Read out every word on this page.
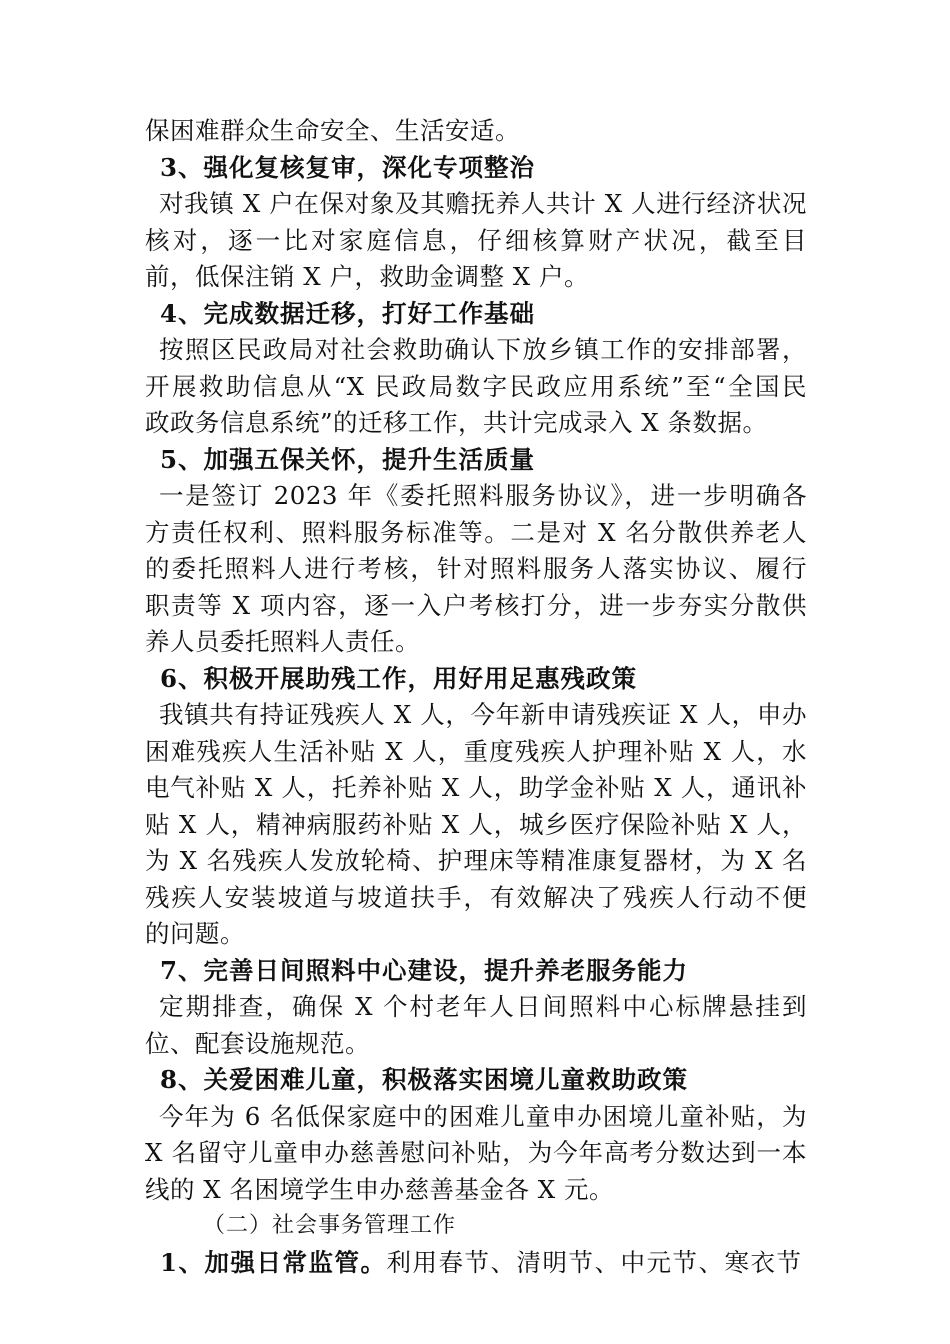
保困难群众生命安全、生活安适。
3、强化复核复审，深化专项整治
对我镇 X 户在保对象及其赡抚养人共计 X 人进行经济状况
核对，逐一比对家庭信息，仔细核算财产状况，截至目
前，低保注销 X 户，救助金调整 X 户。
4、完成数据迁移，打好工作基础
按照区民政局对社会救助确认下放乡镇工作的安排部署，
开展救助信息从“X 民政局数字民政应用系统”至“全国民
政政务信息系统”的迁移工作，共计完成录入 X 条数据。
5、加强五保关怀，提升生活质量
一是签订 2023 年《委托照料服务协议》，进一步明确各
方责任权利、照料服务标准等。二是对 X 名分散供养老人
的委托照料人进行考核，针对照料服务人落实协议、履行
职责等 X 项内容，逐一入户考核打分，进一步夯实分散供
养人员委托照料人责任。
6、积极开展助残工作，用好用足惠残政策
我镇共有持证残疾人 X 人，今年新申请残疾证 X 人，申办
困难残疾人生活补贴 X 人，重度残疾人护理补贴 X 人，水
电气补贴 X 人，托养补贴 X 人，助学金补贴 X 人，通讯补
贴 X 人，精神病服药补贴 X 人，城乡医疗保险补贴 X 人，
为 X 名残疾人发放轮椅、护理床等精准康复器材，为 X 名
残疾人安装坡道与坡道扶手，有效解决了残疾人行动不便
的问题。
7、完善日间照料中心建设，提升养老服务能力
定期排查，确保 X 个村老年人日间照料中心标牌悬挂到
位、配套设施规范。
8、关爱困难儿童，积极落实困境儿童救助政策
今年为 6 名低保家庭中的困难儿童申办困境儿童补贴，为
X 名留守儿童申办慈善慰问补贴，为今年高考分数达到一本
线的 X 名困境学生申办慈善基金各 X 元。
（二）社会事务管理工作
1、加强日常监管。利用春节、清明节、中元节、寒衣节
